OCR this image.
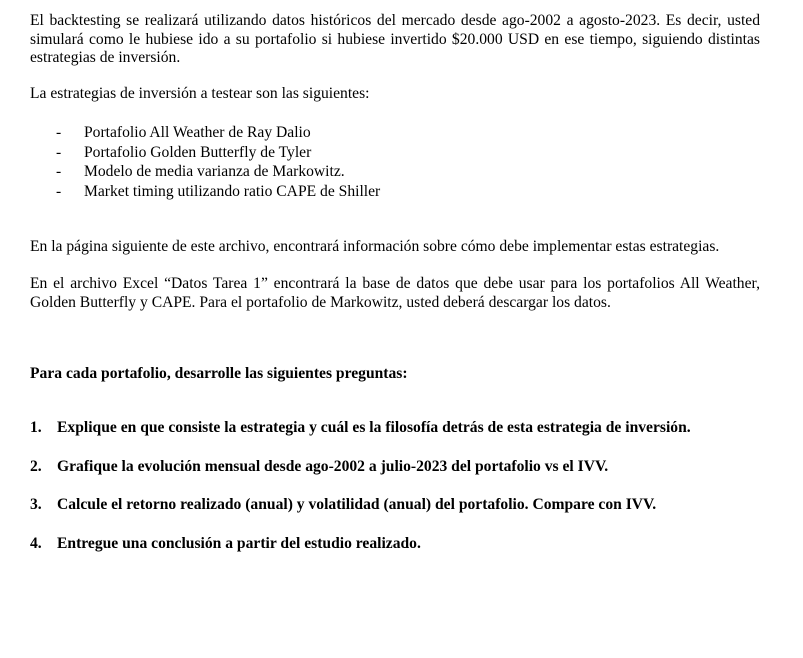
El backtesting se realizará utilizando datos históricos del mercado desde ago-2002 a agosto-2023. Es decir, usted simulará como le hubiese ido a su portafolio si hubiese invertido $20.000 USD en ese tiempo, siguiendo distintas estrategias de inversión.

La estrategias de inversión a testear son las siguientes:

- Portafolio All Weather de Ray Dalio
- Portafolio Golden Butterfly de Tyler
- Modelo de media varianza de Markowitz.
- Market timing utilizando ratio CAPE de Shiller

En la página siguiente de este archivo, encontrará información sobre cómo debe implementar estas estrategias.

En el archivo Excel “Datos Tarea 1” encontrará la base de datos que debe usar para los portafolios All Weather, Golden Butterfly y CAPE. Para el portafolio de Markowitz, usted deberá descargar los datos.

Para cada portafolio, desarrolle las siguientes preguntas:

1. Explique en que consiste la estrategia y cuál es la filosofía detrás de esta estrategia de inversión.
2. Grafique la evolución mensual desde ago-2002 a julio-2023 del portafolio vs el IVV.
3. Calcule el retorno realizado (anual) y volatilidad (anual) del portafolio. Compare con IVV.
4. Entregue una conclusión a partir del estudio realizado.
